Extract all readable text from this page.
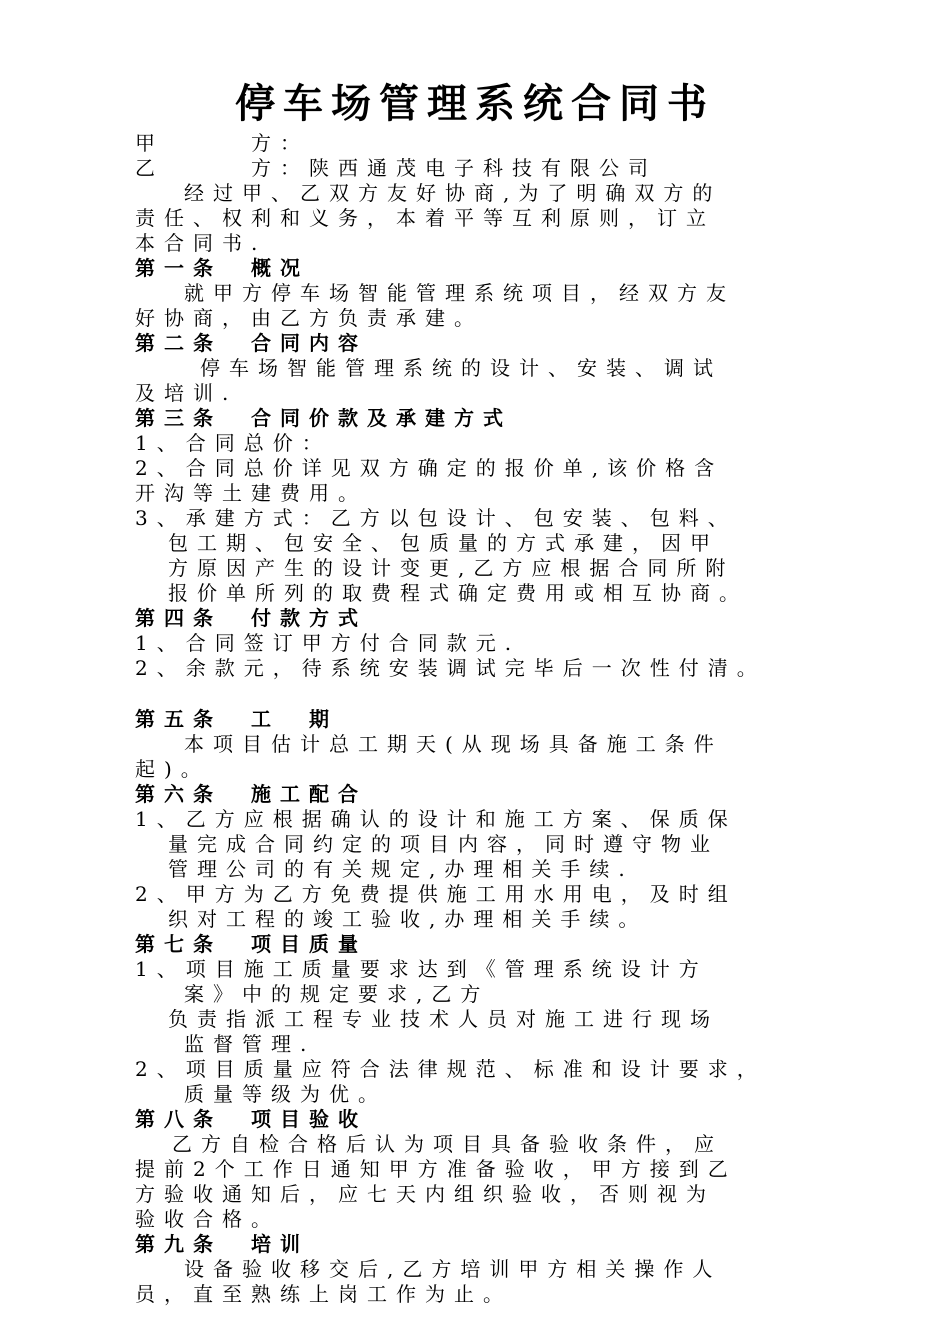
停车场管理系统合同书
甲　　　方：
乙　　　方：陕西通茂电子科技有限公司
经过甲、乙双方友好协商,为了明确双方的
责任、权利和义务，本着平等互利原则，订立
本合同书.
第一条　概况
就甲方停车场智能管理系统项目，经双方友
好协商，由乙方负责承建。
第二条　合同内容
停车场智能管理系统的设计、安装、调试
及培训.
第三条　合同价款及承建方式
1、合同总价：
2、合同总价详见双方确定的报价单,该价格含
开沟等土建费用。
3、承建方式：乙方以包设计、包安装、包料、
包工期、包安全、包质量的方式承建，因甲
方原因产生的设计变更,乙方应根据合同所附
报价单所列的取费程式确定费用或相互协商。
第四条　付款方式
1、合同签订甲方付合同款元.
2、余款元，待系统安装调试完毕后一次性付清。
第五条　工　期
本项目估计总工期天(从现场具备施工条件
起)。
第六条　施工配合
1、乙方应根据确认的设计和施工方案、保质保
量完成合同约定的项目内容，同时遵守物业
管理公司的有关规定,办理相关手续.
2、甲方为乙方免费提供施工用水用电，及时组
织对工程的竣工验收,办理相关手续。
第七条　项目质量
1、项目施工质量要求达到《管理系统设计方
案》中的规定要求,乙方
负责指派工程专业技术人员对施工进行现场
监督管理.
2、项目质量应符合法律规范、标准和设计要求，
质量等级为优。
第八条　项目验收
乙方自检合格后认为项目具备验收条件，应
提前2个工作日通知甲方准备验收，甲方接到乙
方验收通知后，应七天内组织验收，否则视为
验收合格。
第九条　培训
设备验收移交后,乙方培训甲方相关操作人
员，直至熟练上岗工作为止。
